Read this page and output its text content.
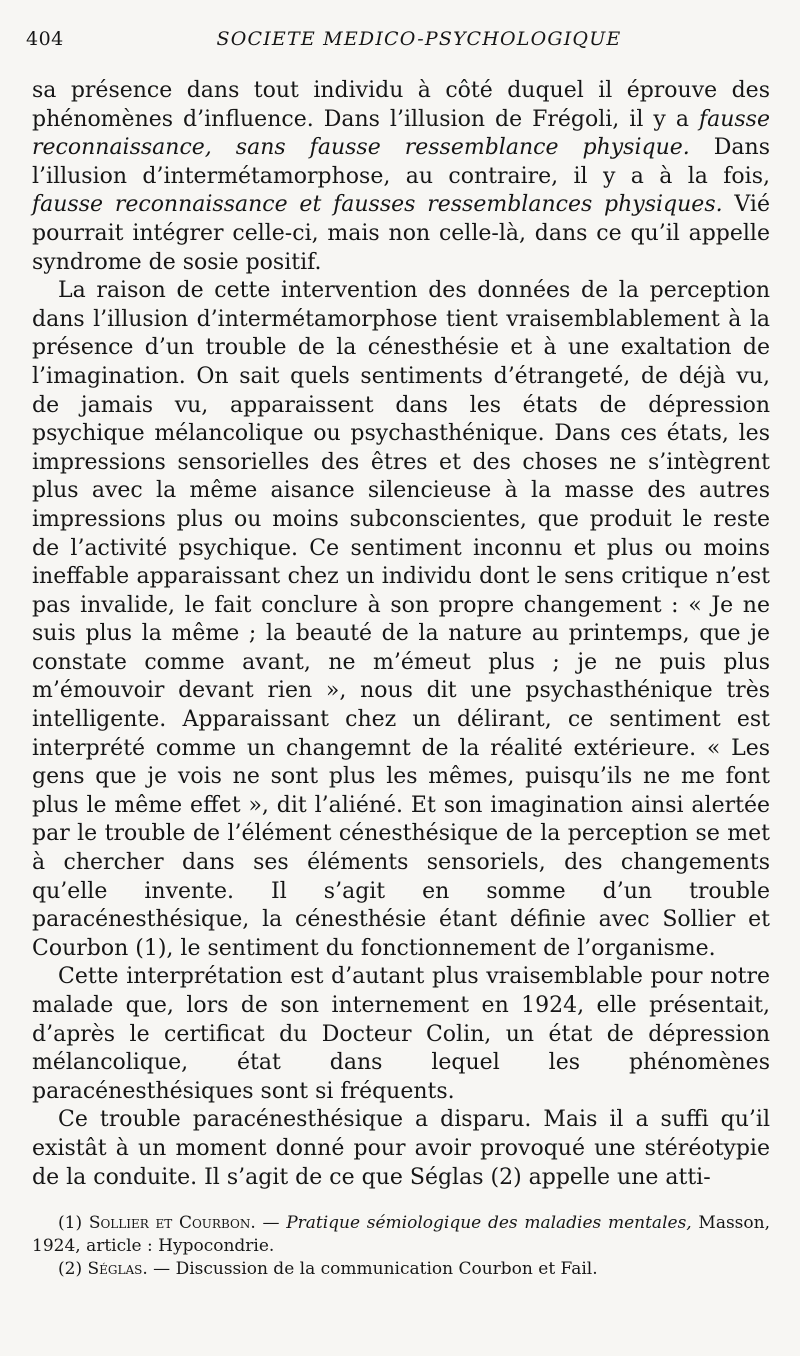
404	SOCIETE MEDICO-PSYCHOLOGIQUE

sa présence dans tout individu à côté duquel il éprouve des phénomènes d’influence. Dans l’illusion de Frégoli, il y a fausse reconnaissance, sans fausse ressemblance physique. Dans l’illusion d’intermétamorphose, au contraire, il y a à la fois, fausse reconnaissance et fausses ressemblances physiques. Vié pourrait intégrer celle-ci, mais non celle-là, dans ce qu’il appelle syndrome de sosie positif.

La raison de cette intervention des données de la perception dans l’illusion d’intermétamorphose tient vraisemblablement à la présence d’un trouble de la cénesthésie et à une exaltation de l’imagination. On sait quels sentiments d’étrangeté, de déjà vu, de jamais vu, apparaissent dans les états de dépression psychique mélancolique ou psychasthénique. Dans ces états, les impressions sensorielles des êtres et des choses ne s’intègrent plus avec la même aisance silencieuse à la masse des autres impressions plus ou moins subconscientes, que produit le reste de l’activité psychique. Ce sentiment inconnu et plus ou moins ineffable apparaissant chez un individu dont le sens critique n’est pas invalide, le fait conclure à son propre changement : « Je ne suis plus la même ; la beauté de la nature au printemps, que je constate comme avant, ne m’émeut plus ; je ne puis plus m’émouvoir devant rien », nous dit une psychasthénique très intelligente. Apparaissant chez un délirant, ce sentiment est interprété comme un changemnt de la réalité extérieure. « Les gens que je vois ne sont plus les mêmes, puisqu’ils ne me font plus le même effet », dit l’aliéné. Et son imagination ainsi alertée par le trouble de l’élément cénesthésique de la perception se met à chercher dans ses éléments sensoriels, des changements qu’elle invente. Il s’agit en somme d’un trouble paracénesthésique, la cénesthésie étant définie avec Sollier et Courbon (1), le sentiment du fonctionnement de l’organisme.

Cette interprétation est d’autant plus vraisemblable pour notre malade que, lors de son internement en 1924, elle présentait, d’après le certificat du Docteur Colin, un état de dépression mélancolique, état dans lequel les phénomènes paracénesthésiques sont si fréquents.

Ce trouble paracénesthésique a disparu. Mais il a suffi qu’il existât à un moment donné pour avoir provoqué une stéréotypie de la conduite. Il s’agit de ce que Séglas (2) appelle une atti-

(1) Sollier et Courbon. — Pratique sémiologique des maladies mentales, Masson, 1924, article : Hypocondrie.

(2) Séglas. — Discussion de la communication Courbon et Fail.
